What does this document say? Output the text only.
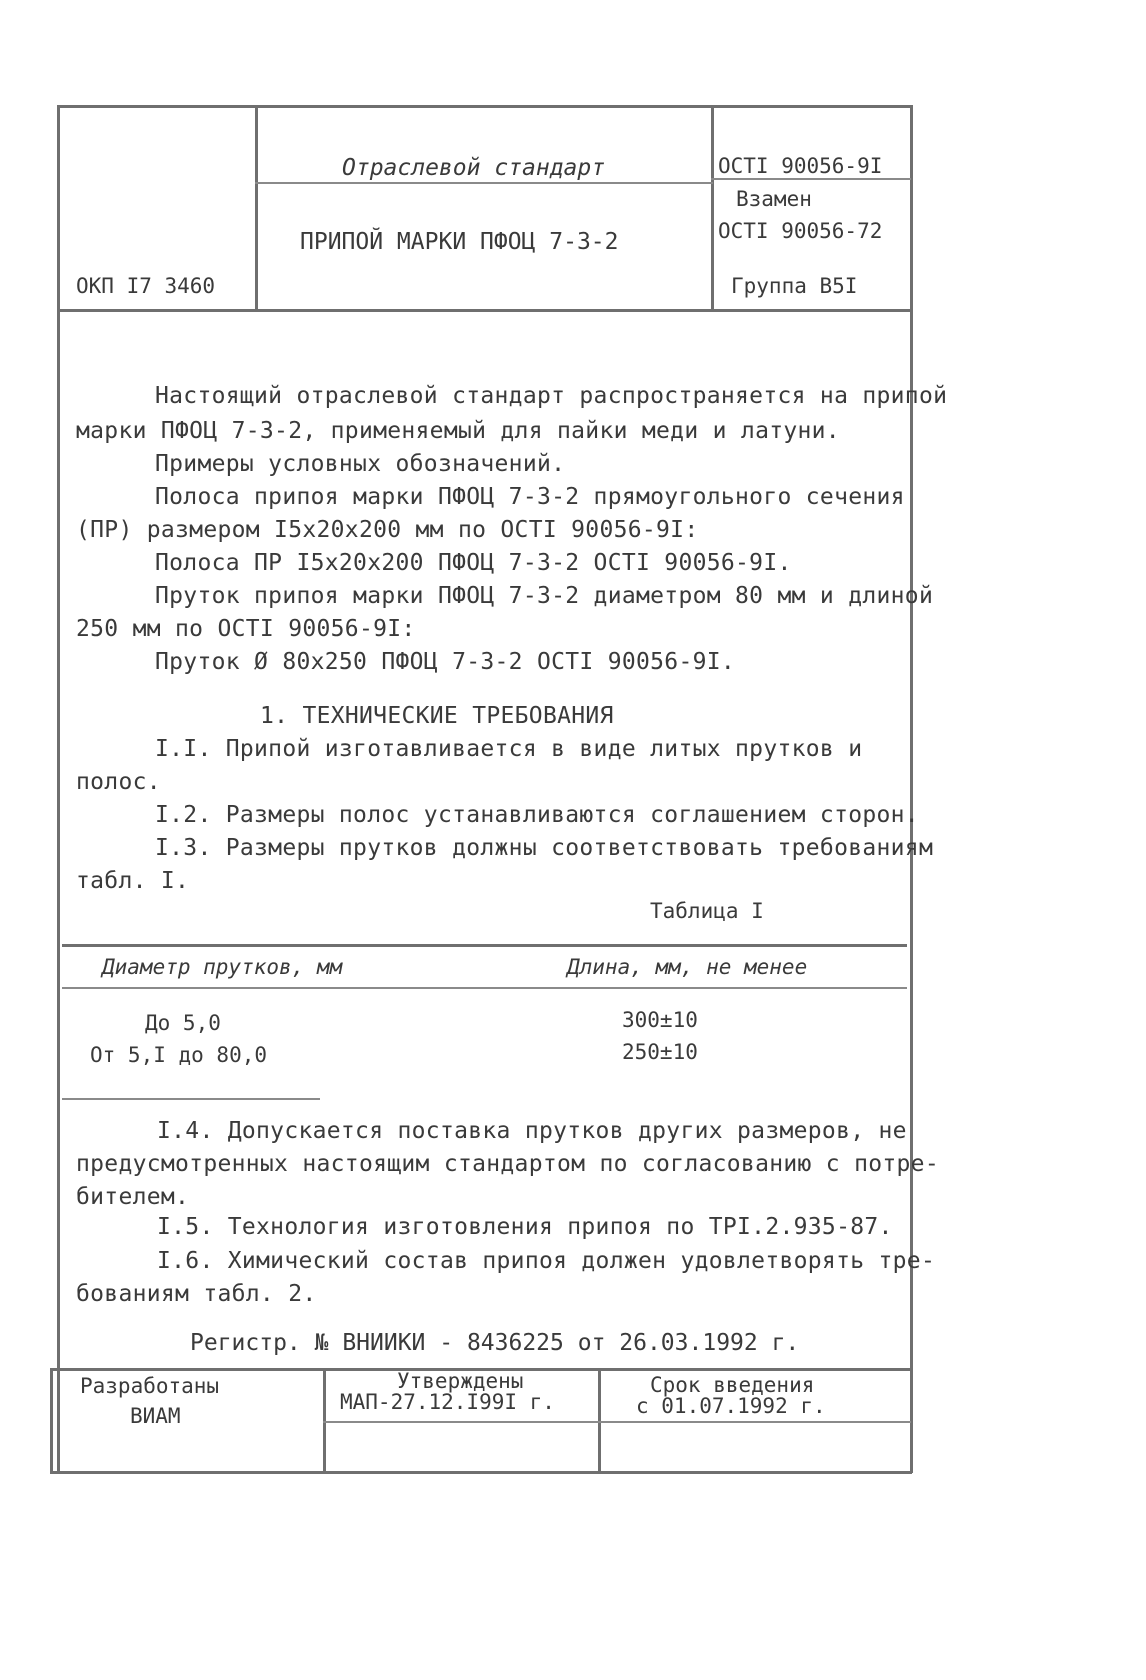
Отраслевой стандарт
ПРИПОЙ МАРКИ ПФОЦ 7-3-2
ОКП I7 3460
ОСТI 90056-9I
Взамен
ОСТI 90056-72
Группа В5I
Настоящий отраслевой стандарт распространяется на припой
марки ПФОЦ 7-3-2, применяемый для пайки меди и латуни.
Примеры условных обозначений.
Полоса припоя марки ПФОЦ 7-3-2 прямоугольного сечения
(ПР) размером I5х20х200 мм по ОСТI 90056-9I:
Полоса ПР I5х20х200 ПФОЦ 7-3-2 ОСТI 90056-9I.
Пруток припоя марки ПФОЦ 7-3-2 диаметром 80 мм и длиной
250 мм по ОСТI 90056-9I:
Пруток Ø 80х250 ПФОЦ 7-3-2 ОСТI 90056-9I.
1. ТЕХНИЧЕСКИЕ ТРЕБОВАНИЯ
I.I. Припой изготавливается в виде литых прутков и
полос.
I.2. Размеры полос устанавливаются соглашением сторон.
I.3. Размеры прутков должны соответствовать требованиям
табл. I.
Таблица I
Диаметр прутков, мм	Длина, мм, не менее
До 5,0	300±10
От 5,I до 80,0	250±10
I.4. Допускается поставка прутков других размеров, не
предусмотренных настоящим стандартом по согласованию с потре-
бителем.
I.5. Технология изготовления припоя по ТРI.2.935-87.
I.6. Химический состав припоя должен удовлетворять тре-
бованиям табл. 2.
Регистр. № ВНИИКИ - 8436225 от 26.03.1992 г.
Разработаны
ВИАМ
Утверждены
МАП-27.12.I99I г.
Срок введения
с 01.07.1992 г.
